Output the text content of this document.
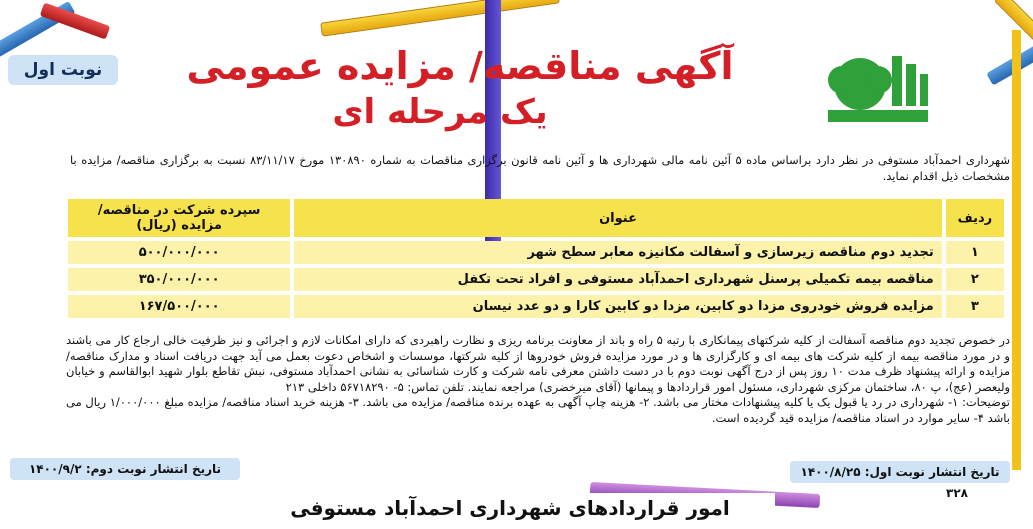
نوبت اول	آگهی مناقصه/ مزایده عمومی
یک مرحله ای

شهرداری احمدآباد مستوفی در نظر دارد براساس ماده ۵ آئین نامه مالی شهرداری ها و آئین نامه قانون برگزاری مناقصات به شماره ۱۳۰۸۹۰ مورخ ۸۳/۱۱/۱۷ نسبت به برگزاری مناقصه/ مزایده با مشخصات ذیل اقدام نماید.

ردیف	عنوان	سپرده شرکت در مناقصه/ مزایده (ریال)
۱	تجدید دوم مناقصه زیرسازی و آسفالت مکانیزه معابر سطح شهر	۵۰۰/۰۰۰/۰۰۰
۲	مناقصه بیمه تکمیلی پرسنل شهرداری احمدآباد مستوفی و افراد تحت تکفل	۳۵۰/۰۰۰/۰۰۰
۳	مزایده فروش خودروی مزدا دو کابین، مزدا دو کابین کارا و دو عدد نیسان	۱۶۷/۵۰۰/۰۰۰

در خصوص تجدید دوم مناقصه آسفالت از کلیه شرکتهای پیمانکاری با رتبه ۵ راه و باند از معاونت برنامه ریزی و نظارت راهبردی که دارای امکانات لازم و اجرائی و نیز ظرفیت خالی ارجاع کار می باشند و در مورد مناقصه بیمه از کلیه شرکت های بیمه ای و کارگزاری ها و در مورد مزایده فروش خودروها از کلیه شرکتها، موسسات و اشخاص دعوت بعمل می آید جهت دریافت اسناد و مدارک مناقصه/ مزایده و ارائه پیشنهاد ظرف مدت ۱۰ روز پس از درج آگهی نوبت دوم با در دست داشتن معرفی نامه شرکت و کارت شناسائی به نشانی احمدآباد مستوفی، نبش تقاطع بلوار شهید ابوالقاسم و خیابان ولیعصر (عج)، پ ۸۰، ساختمان مرکزی شهرداری، مسئول امور قراردادها و پیمانها (آقای میرخضری) مراجعه نمایند. تلفن تماس: ۵- ۵۶۷۱۸۲۹۰ داخلی ۲۱۳

توضیحات: ۱- شهرداری در رد یا قبول یک یا کلیه پیشنهادات مختار می باشد. ۲- هزینه چاپ آگهی به عهده برنده مناقصه/ مزایده می باشد. ۳- هزینه خرید اسناد مناقصه/ مزایده مبلغ ۱/۰۰۰/۰۰۰ ریال می باشد ۴- سایر موارد در اسناد مناقصه/ مزایده قید گردیده است.

تاریخ انتشار نوبت اول: ۱۴۰۰/۸/۲۵
تاریخ انتشار نوبت دوم: ۱۴۰۰/۹/۲
۳۲۸
امور قراردادهای شهرداری احمدآباد مستوفی
